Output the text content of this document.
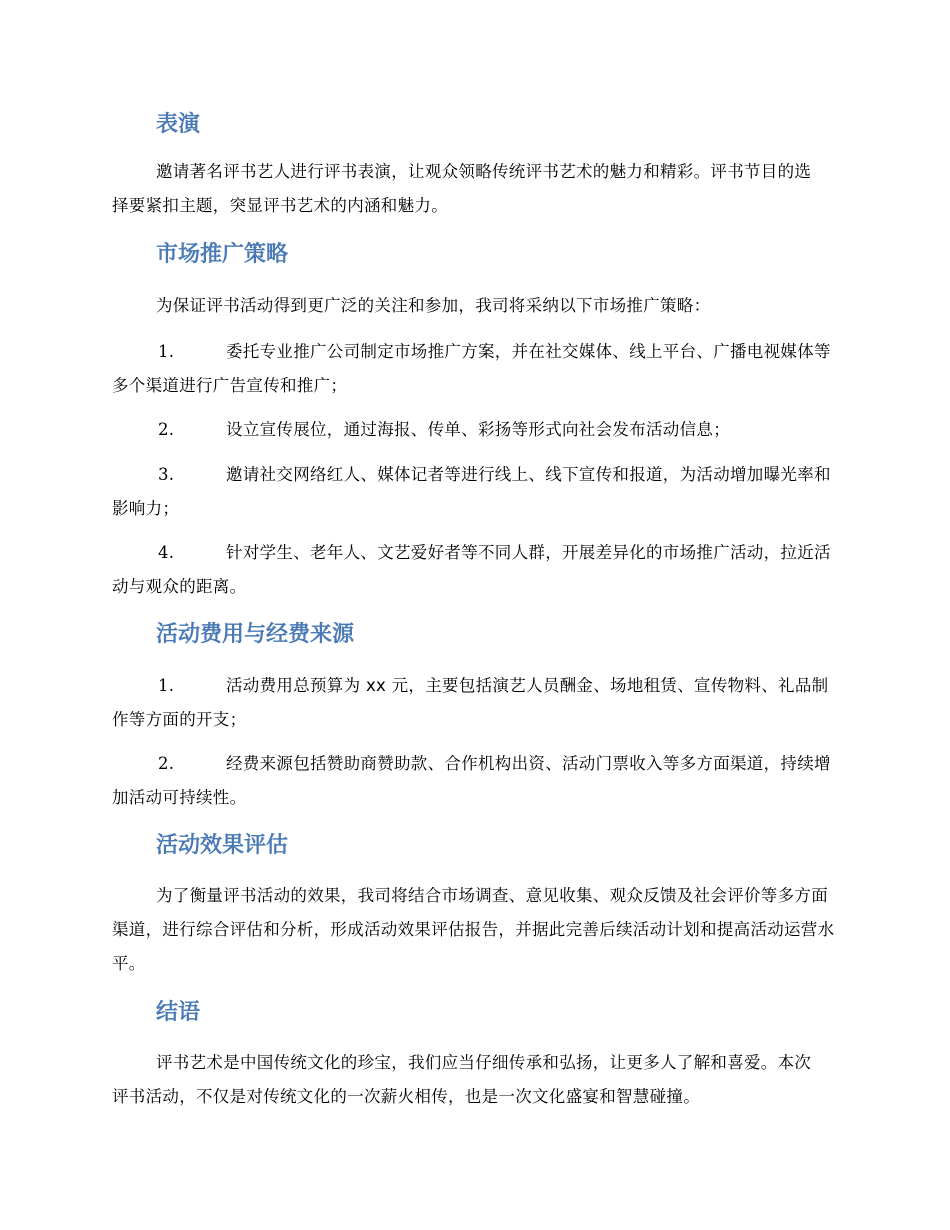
表演

邀请著名评书艺人进行评书表演，让观众领略传统评书艺术的魅力和精彩。评书节目的选择要紧扣主题，突显评书艺术的内涵和魅力。

市场推广策略

为保证评书活动得到更广泛的关注和参加，我司将采纳以下市场推广策略：

1.	委托专业推广公司制定市场推广方案，并在社交媒体、线上平台、广播电视媒体等多个渠道进行广告宣传和推广；

2.	设立宣传展位，通过海报、传单、彩扬等形式向社会发布活动信息；

3.	邀请社交网络红人、媒体记者等进行线上、线下宣传和报道，为活动增加曝光率和影响力；

4.	针对学生、老年人、文艺爱好者等不同人群，开展差异化的市场推广活动，拉近活动与观众的距离。

活动费用与经费来源

1.	活动费用总预算为 xx 元，主要包括演艺人员酬金、场地租赁、宣传物料、礼品制作等方面的开支；

2.	经费来源包括赞助商赞助款、合作机构出资、活动门票收入等多方面渠道，持续增加活动可持续性。

活动效果评估

为了衡量评书活动的效果，我司将结合市场调查、意见收集、观众反馈及社会评价等多方面渠道，进行综合评估和分析，形成活动效果评估报告，并据此完善后续活动计划和提高活动运营水平。

结语

评书艺术是中国传统文化的珍宝，我们应当仔细传承和弘扬，让更多人了解和喜爱。本次评书活动，不仅是对传统文化的一次薪火相传，也是一次文化盛宴和智慧碰撞。
